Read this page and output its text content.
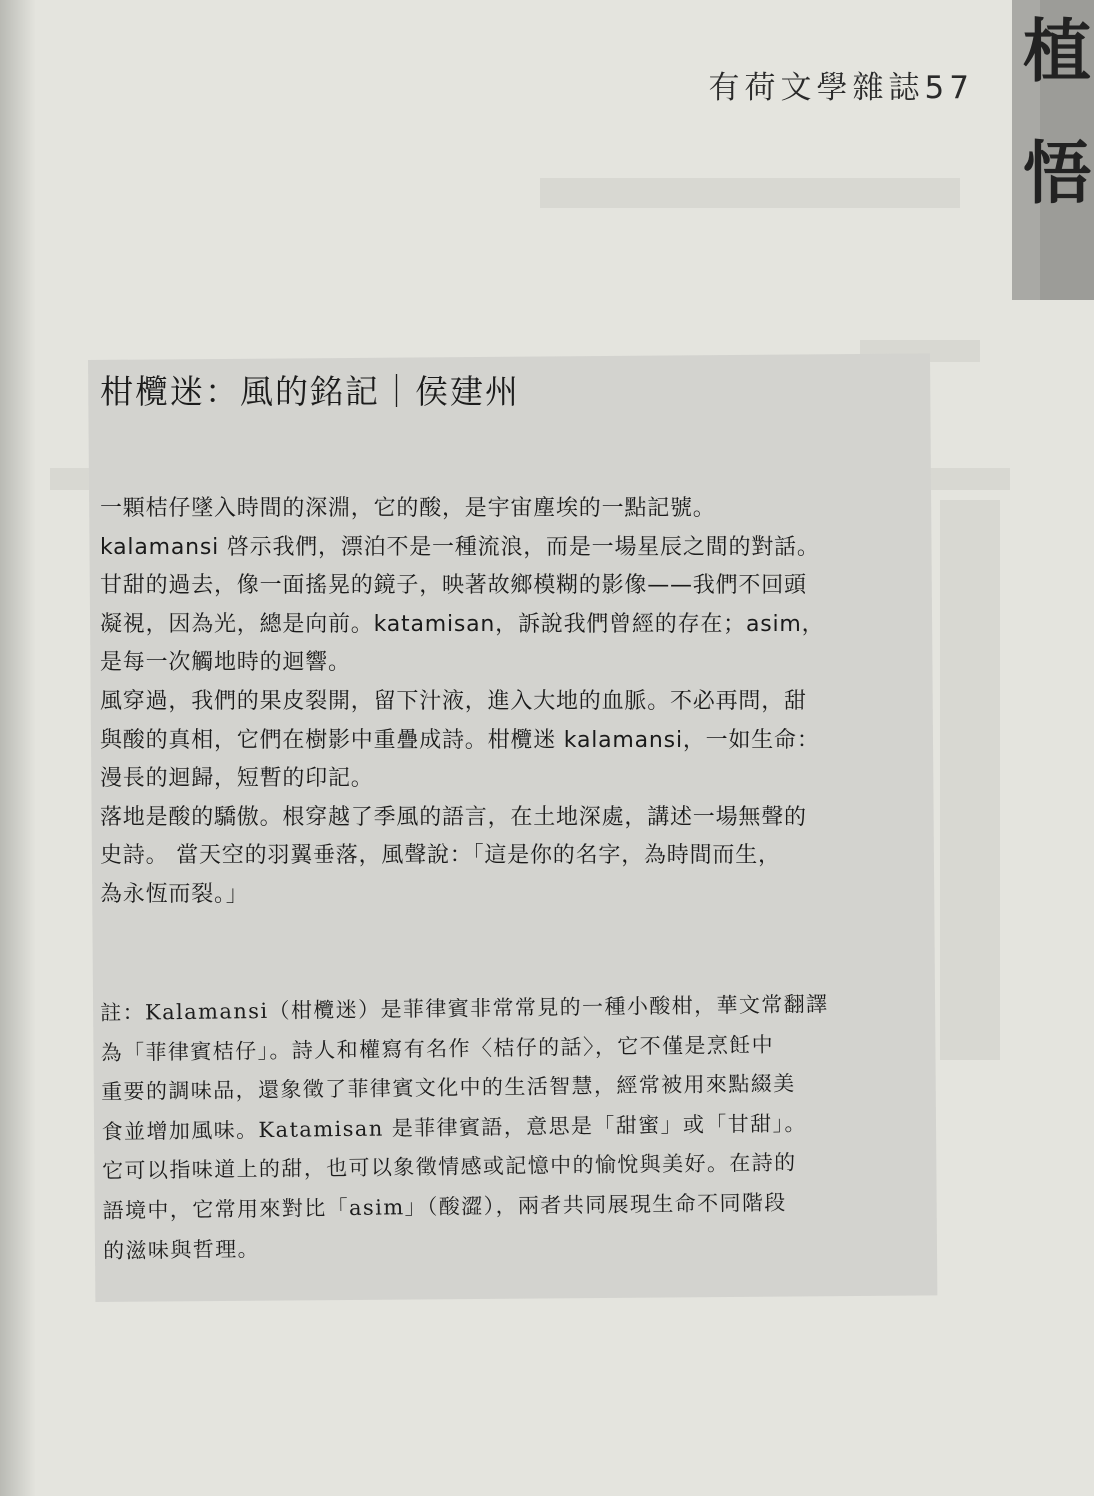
有荷文學雜誌57 植
悟
柑欖迷：風的銘記｜侯建州
一顆桔仔墜入時間的深淵，它的酸，是宇宙塵埃的一點記號。
kalamansi 啓示我們，漂泊不是一種流浪，而是一場星辰之間的對話。
甘甜的過去，像一面搖晃的鏡子，映著故鄉模糊的影像——我們不回頭
凝視，因為光，總是向前。katamisan，訴說我們曾經的存在；asim，
是每一次觸地時的迴響。
風穿過，我們的果皮裂開，留下汁液，進入大地的血脈。不必再問，甜
與酸的真相，它們在樹影中重疊成詩。柑欖迷 kalamansi，一如生命：
漫長的迴歸，短暫的印記。
落地是酸的驕傲。根穿越了季風的語言，在土地深處，講述一場無聲的
史詩。 當天空的羽翼垂落，風聲說：「這是你的名字，為時間而生，
為永恆而裂。」
註：Kalamansi（柑欖迷）是菲律賓非常常見的一種小酸柑，華文常翻譯
為「菲律賓桔仔」。詩人和權寫有名作〈桔仔的話〉，它不僅是烹飪中
重要的調味品，還象徵了菲律賓文化中的生活智慧，經常被用來點綴美
食並增加風味。Katamisan 是菲律賓語，意思是「甜蜜」或「甘甜」。
它可以指味道上的甜，也可以象徵情感或記憶中的愉悅與美好。在詩的
語境中，它常用來對比「asim」（酸澀），兩者共同展現生命不同階段
的滋味與哲理。
